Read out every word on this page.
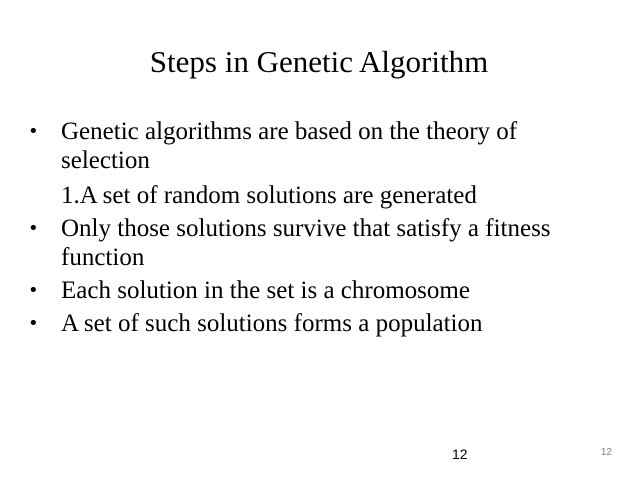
Steps in Genetic Algorithm
• Genetic algorithms are based on the theory of selection
1.A set of random solutions are generated
• Only those solutions survive that satisfy a fitness function
• Each solution in the set is a chromosome
• A set of such solutions forms a population
12	12
